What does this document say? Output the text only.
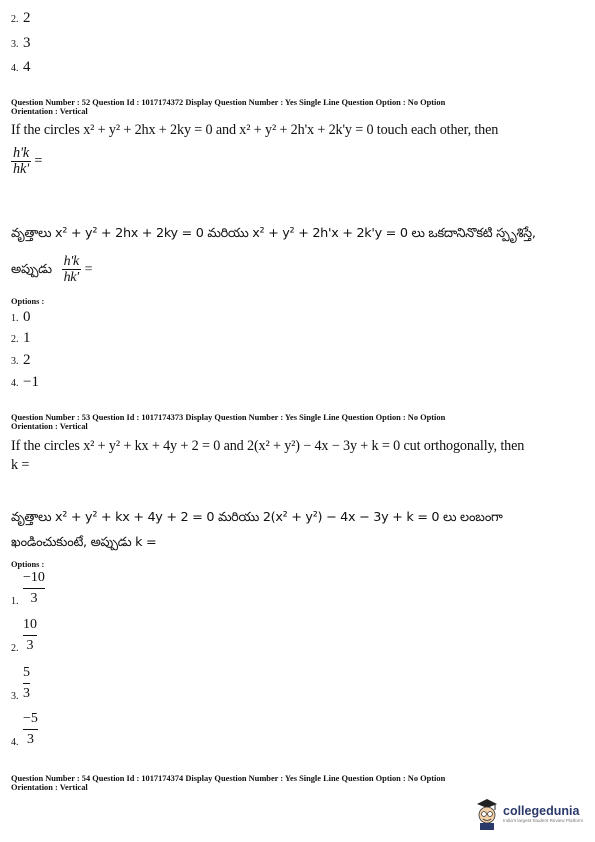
2. 2
3. 3
4. 4
Question Number : 52 Question Id : 1017174372 Display Question Number : Yes Single Line Question Option : No Option
Orientation : Vertical
If the circles x² + y² + 2hx + 2ky = 0 and x² + y² + 2h'x + 2k'y = 0 touch each other, then
$\frac{h'k}{hk'}$ =
వృత్తాలు x² + y² + 2hx + 2ky = 0 మరియు x² + y² + 2h'x + 2k'y = 0 లు ఒకదానినొకటి స్పృశిస్తే,
అప్పుడు $\frac{h'k}{hk'}$ =
Options :
1. 0
2. 1
3. 2
4. −1
Question Number : 53 Question Id : 1017174373 Display Question Number : Yes Single Line Question Option : No Option
Orientation : Vertical
If the circles x² + y² + kx + 4y + 2 = 0 and 2(x² + y²) − 4x − 3y + k = 0 cut orthogonally, then
k =
వృత్తాలు x² + y² + kx + 4y + 2 = 0 మరియు 2(x² + y²) − 4x − 3y + k = 0 లు లంబంగా
ఖండించుకుంటే, అప్పుడు k =
Options :
1.
−10
3
2.
10
3
3.
5
3
4.
−5
3
Question Number : 54 Question Id : 1017174374 Display Question Number : Yes Single Line Question Option : No Option
Orientation : Vertical
collegedunia
India's largest Student Review Platform
